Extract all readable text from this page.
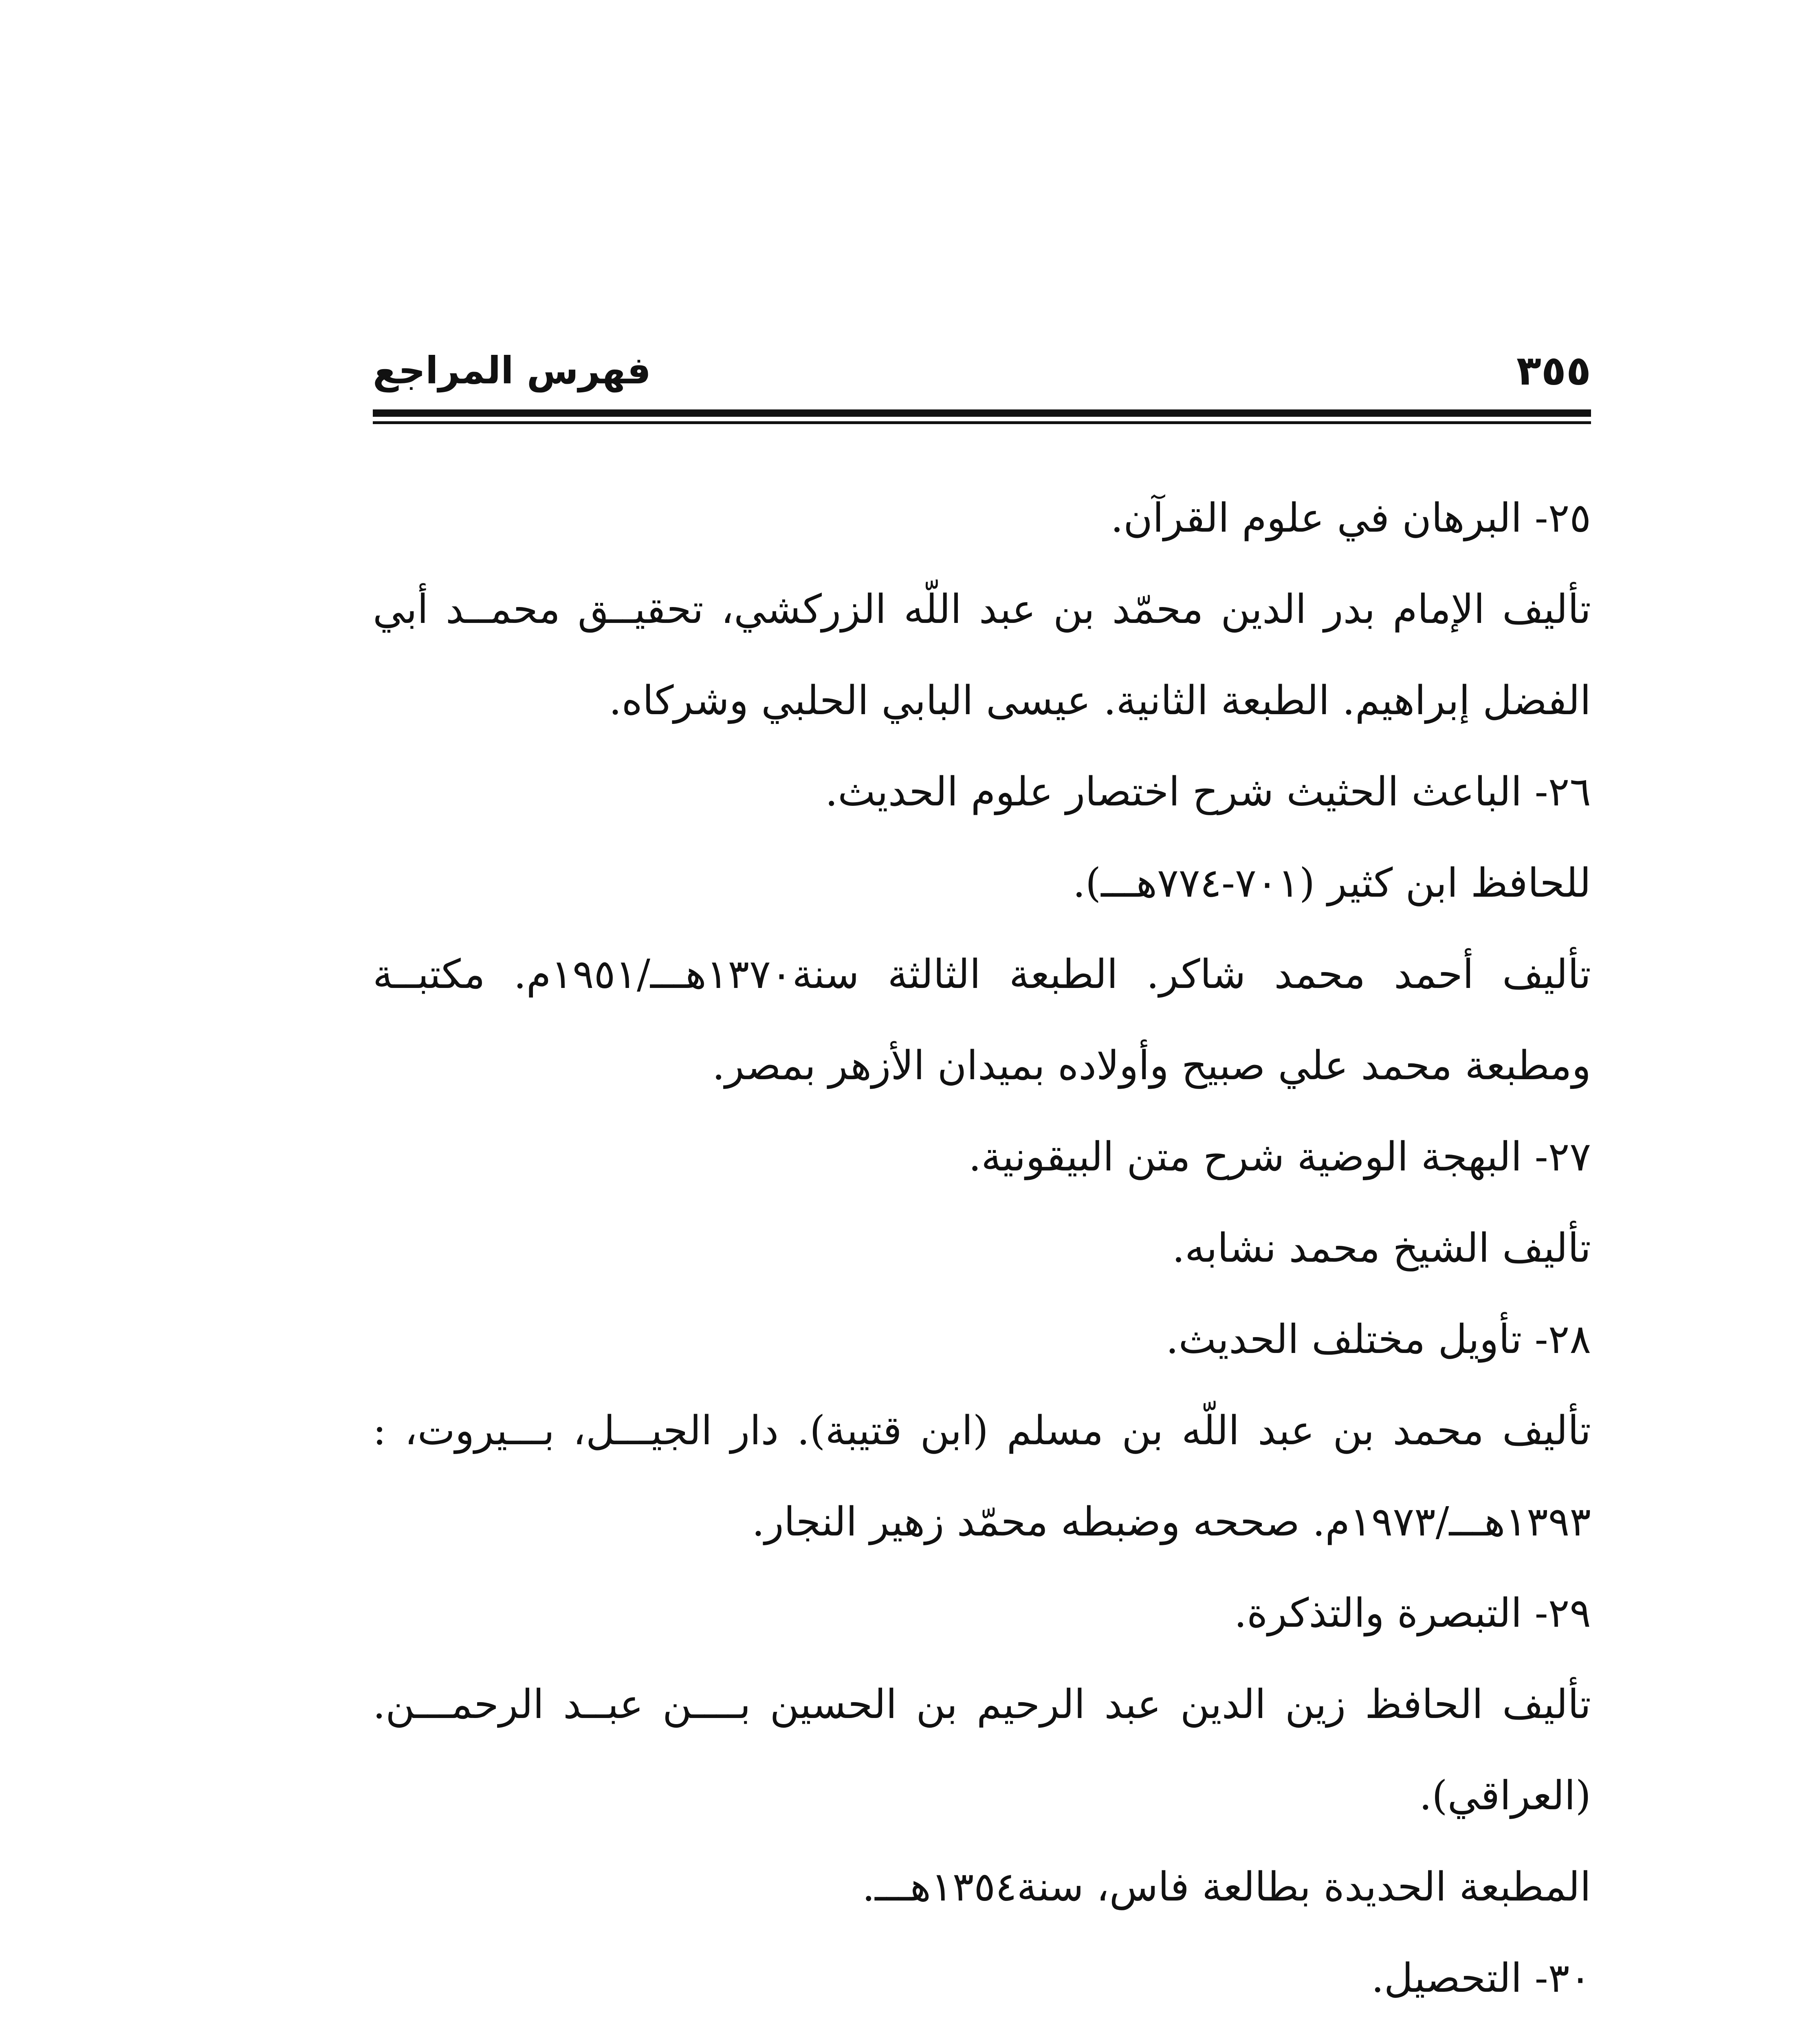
فهرس المراجع	٣٥٥
٢٥- البرهان في علوم القرآن.
تأليف الإمام بدر الدين محمّد بن عبد اللّه الزركشي، تحقيــق محمــد أبي
الفضل إبراهيم. الطبعة الثانية. عيسى البابي الحلبي وشركاه.
٢٦- الباعث الحثيث شرح اختصار علوم الحديث.
للحافظ ابن كثير (٧٠١-٧٧٤هـــ).
تأليف أحمد محمد شاكر. الطبعة الثالثة سنة١٣٧٠هـــ/١٩٥١م. مكتبــة
ومطبعة محمد علي صبيح وأولاده بميدان الأزهر بمصر.
٢٧- البهجة الوضية شرح متن البيقونية.
تأليف الشيخ محمد نشابه.
٢٨- تأويل مختلف الحديث.
تأليف محمد بن عبد اللّه بن مسلم (ابن قتيبة). دار الجيـــل، بـــيروت، :
١٣٩٣هـــ/١٩٧٣م. صححه وضبطه محمّد زهير النجار.
٢٩- التبصرة والتذكرة.
تأليف الحافظ زين الدين عبد الرحيم بن الحسين بــــن عبــد الرحمـــن.
(العراقي).
المطبعة الحديدة بطالعة فاس، سنة١٣٥٤هـــ.
٣٠- التحصيل.
